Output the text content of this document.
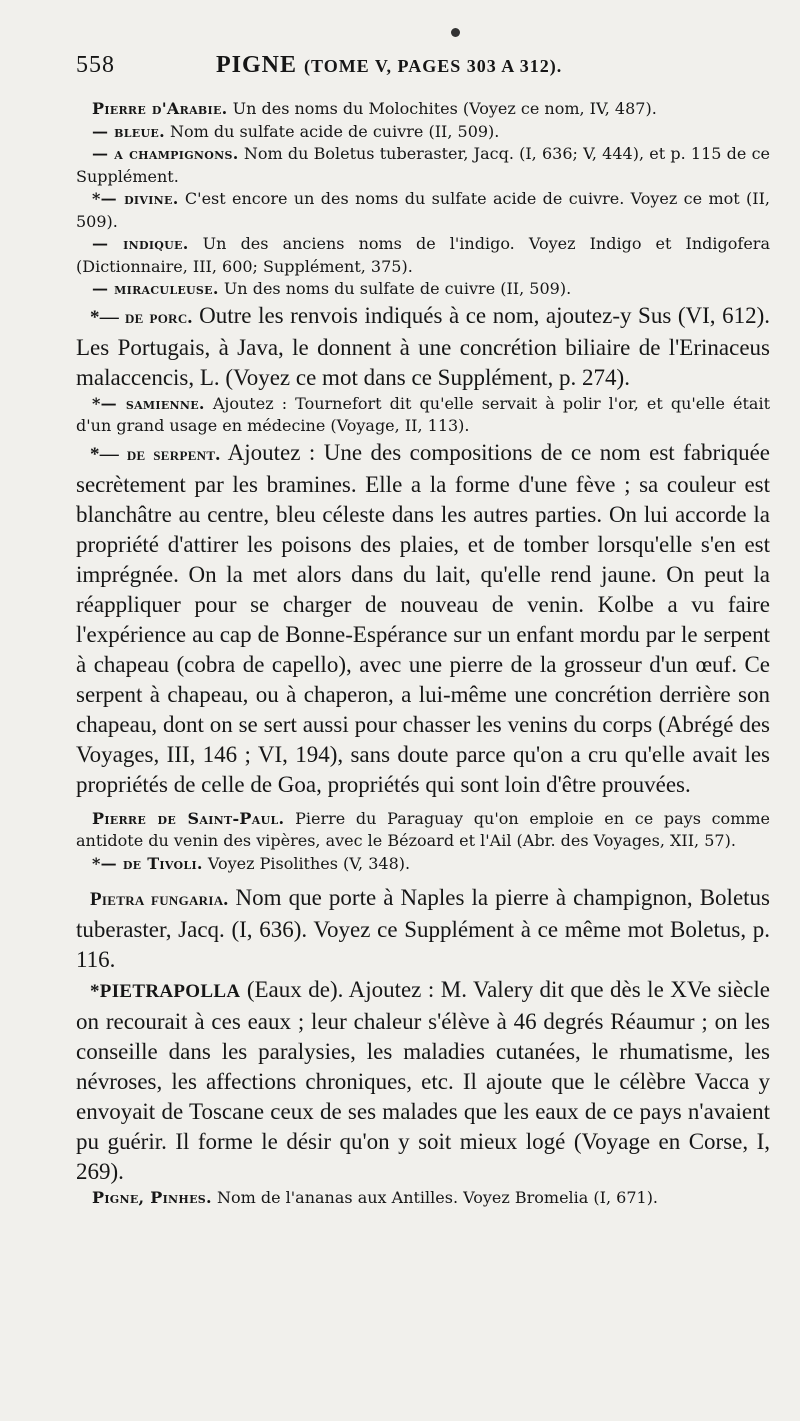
558	PIGNE (TOME V, PAGES 303 A 312).

Pierre d'Arabie. Un des noms du Molochites (Voyez ce nom, IV, 487).

— bleue. Nom du sulfate acide de cuivre (II, 509).

— a champignons. Nom du Boletus tuberaster, Jacq. (I, 636; V, 444), et p. 115 de ce Supplément.

*— divine. C'est encore un des noms du sulfate acide de cuivre. Voyez ce mot (II, 509).

— indique. Un des anciens noms de l'indigo. Voyez Indigo et Indigofera (Dictionnaire, III, 600; Supplément, 375).

— miraculeuse. Un des noms du sulfate de cuivre (II, 509).

*— de porc. Outre les renvois indiqués à ce nom, ajoutez-y Sus (VI, 612). Les Portugais, à Java, le donnent à une concrétion biliaire de l'Erinaceus malaccencis, L. (Voyez ce mot dans ce Supplément, p. 274).

*— samienne. Ajoutez : Tournefort dit qu'elle servait à polir l'or, et qu'elle était d'un grand usage en médecine (Voyage, II, 113).

*— de serpent. Ajoutez : Une des compositions de ce nom est fabriquée secrètement par les bramines. Elle a la forme d'une fève ; sa couleur est blanchâtre au centre, bleu céleste dans les autres parties. On lui accorde la propriété d'attirer les poisons des plaies, et de tomber lorsqu'elle s'en est imprégnée. On la met alors dans du lait, qu'elle rend jaune. On peut la réappliquer pour se charger de nouveau de venin. Kolbe a vu faire l'expérience au cap de Bonne-Espérance sur un enfant mordu par le serpent à chapeau (cobra de capello), avec une pierre de la grosseur d'un œuf. Ce serpent à chapeau, ou à chaperon, a lui-même une concrétion derrière son chapeau, dont on se sert aussi pour chasser les venins du corps (Abrégé des Voyages, III, 146 ; VI, 194), sans doute parce qu'on a cru qu'elle avait les propriétés de celle de Goa, propriétés qui sont loin d'être prouvées.

Pierre de Saint-Paul. Pierre du Paraguay qu'on emploie en ce pays comme antidote du venin des vipères, avec le Bézoard et l'Ail (Abr. des Voyages, XII, 57).

*— de Tivoli. Voyez Pisolithes (V, 348).

Pietra fungaria. Nom que porte à Naples la pierre à champignon, Boletus tuberaster, Jacq. (I, 636). Voyez ce Supplément à ce même mot Boletus, p. 116.

*PIETRAPOLLA (Eaux de). Ajoutez : M. Valery dit que dès le XVe siècle on recourait à ces eaux ; leur chaleur s'élève à 46 degrés Réaumur ; on les conseille dans les paralysies, les maladies cutanées, le rhumatisme, les névroses, les affections chroniques, etc. Il ajoute que le célèbre Vacca y envoyait de Toscane ceux de ses malades que les eaux de ce pays n'avaient pu guérir. Il forme le désir qu'on y soit mieux logé (Voyage en Corse, I, 269).

Pigne, Pinhes. Nom de l'ananas aux Antilles. Voyez Bromelia (I, 671).
